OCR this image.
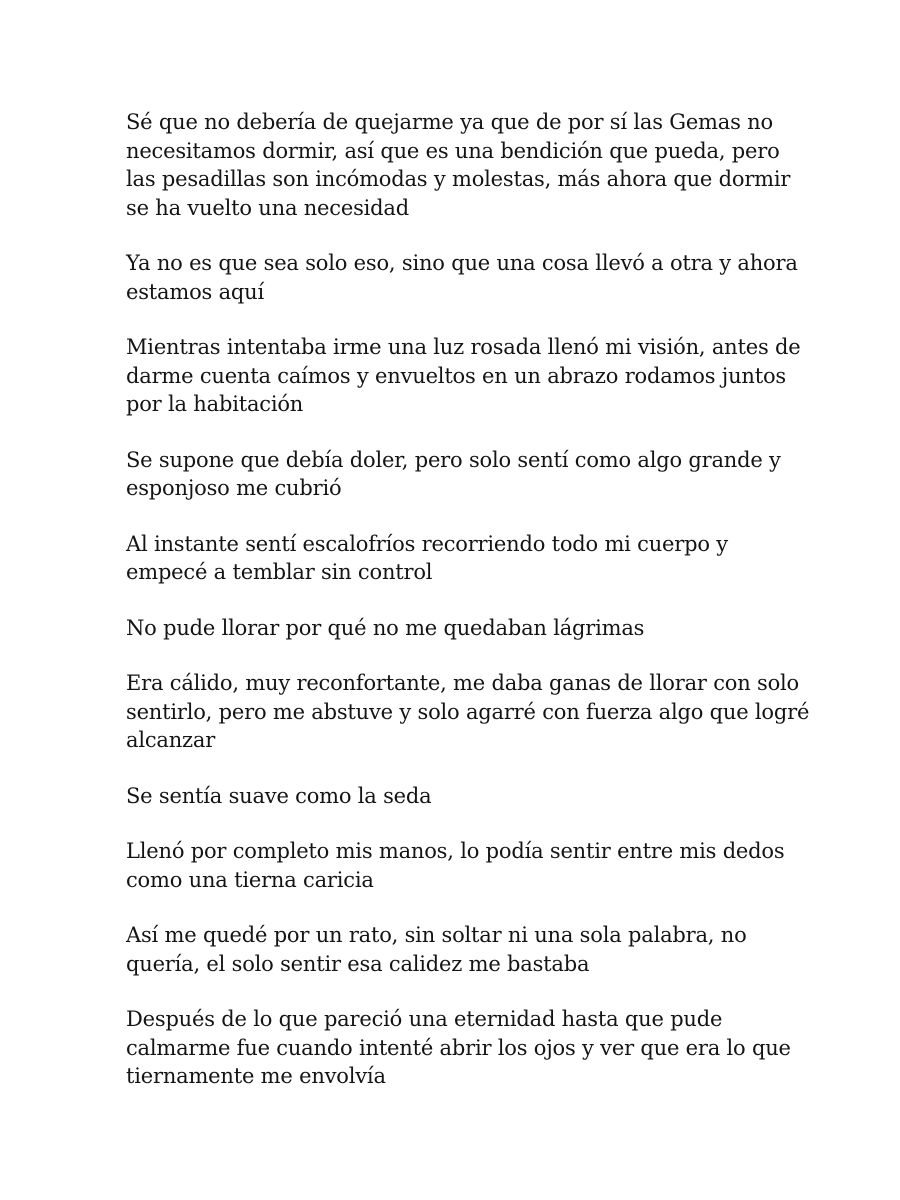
Sé que no debería de quejarme ya que de por sí las Gemas no
necesitamos dormir, así que es una bendición que pueda, pero
las pesadillas son incómodas y molestas, más ahora que dormir
se ha vuelto una necesidad

Ya no es que sea solo eso, sino que una cosa llevó a otra y ahora
estamos aquí

Mientras intentaba irme una luz rosada llenó mi visión, antes de
darme cuenta caímos y envueltos en un abrazo rodamos juntos
por la habitación

Se supone que debía doler, pero solo sentí como algo grande y
esponjoso me cubrió

Al instante sentí escalofríos recorriendo todo mi cuerpo y
empecé a temblar sin control

No pude llorar por qué no me quedaban lágrimas

Era cálido, muy reconfortante, me daba ganas de llorar con solo
sentirlo, pero me abstuve y solo agarré con fuerza algo que logré
alcanzar

Se sentía suave como la seda

Llenó por completo mis manos, lo podía sentir entre mis dedos
como una tierna caricia

Así me quedé por un rato, sin soltar ni una sola palabra, no
quería, el solo sentir esa calidez me bastaba

Después de lo que pareció una eternidad hasta que pude
calmarme fue cuando intenté abrir los ojos y ver que era lo que
tiernamente me envolvía
